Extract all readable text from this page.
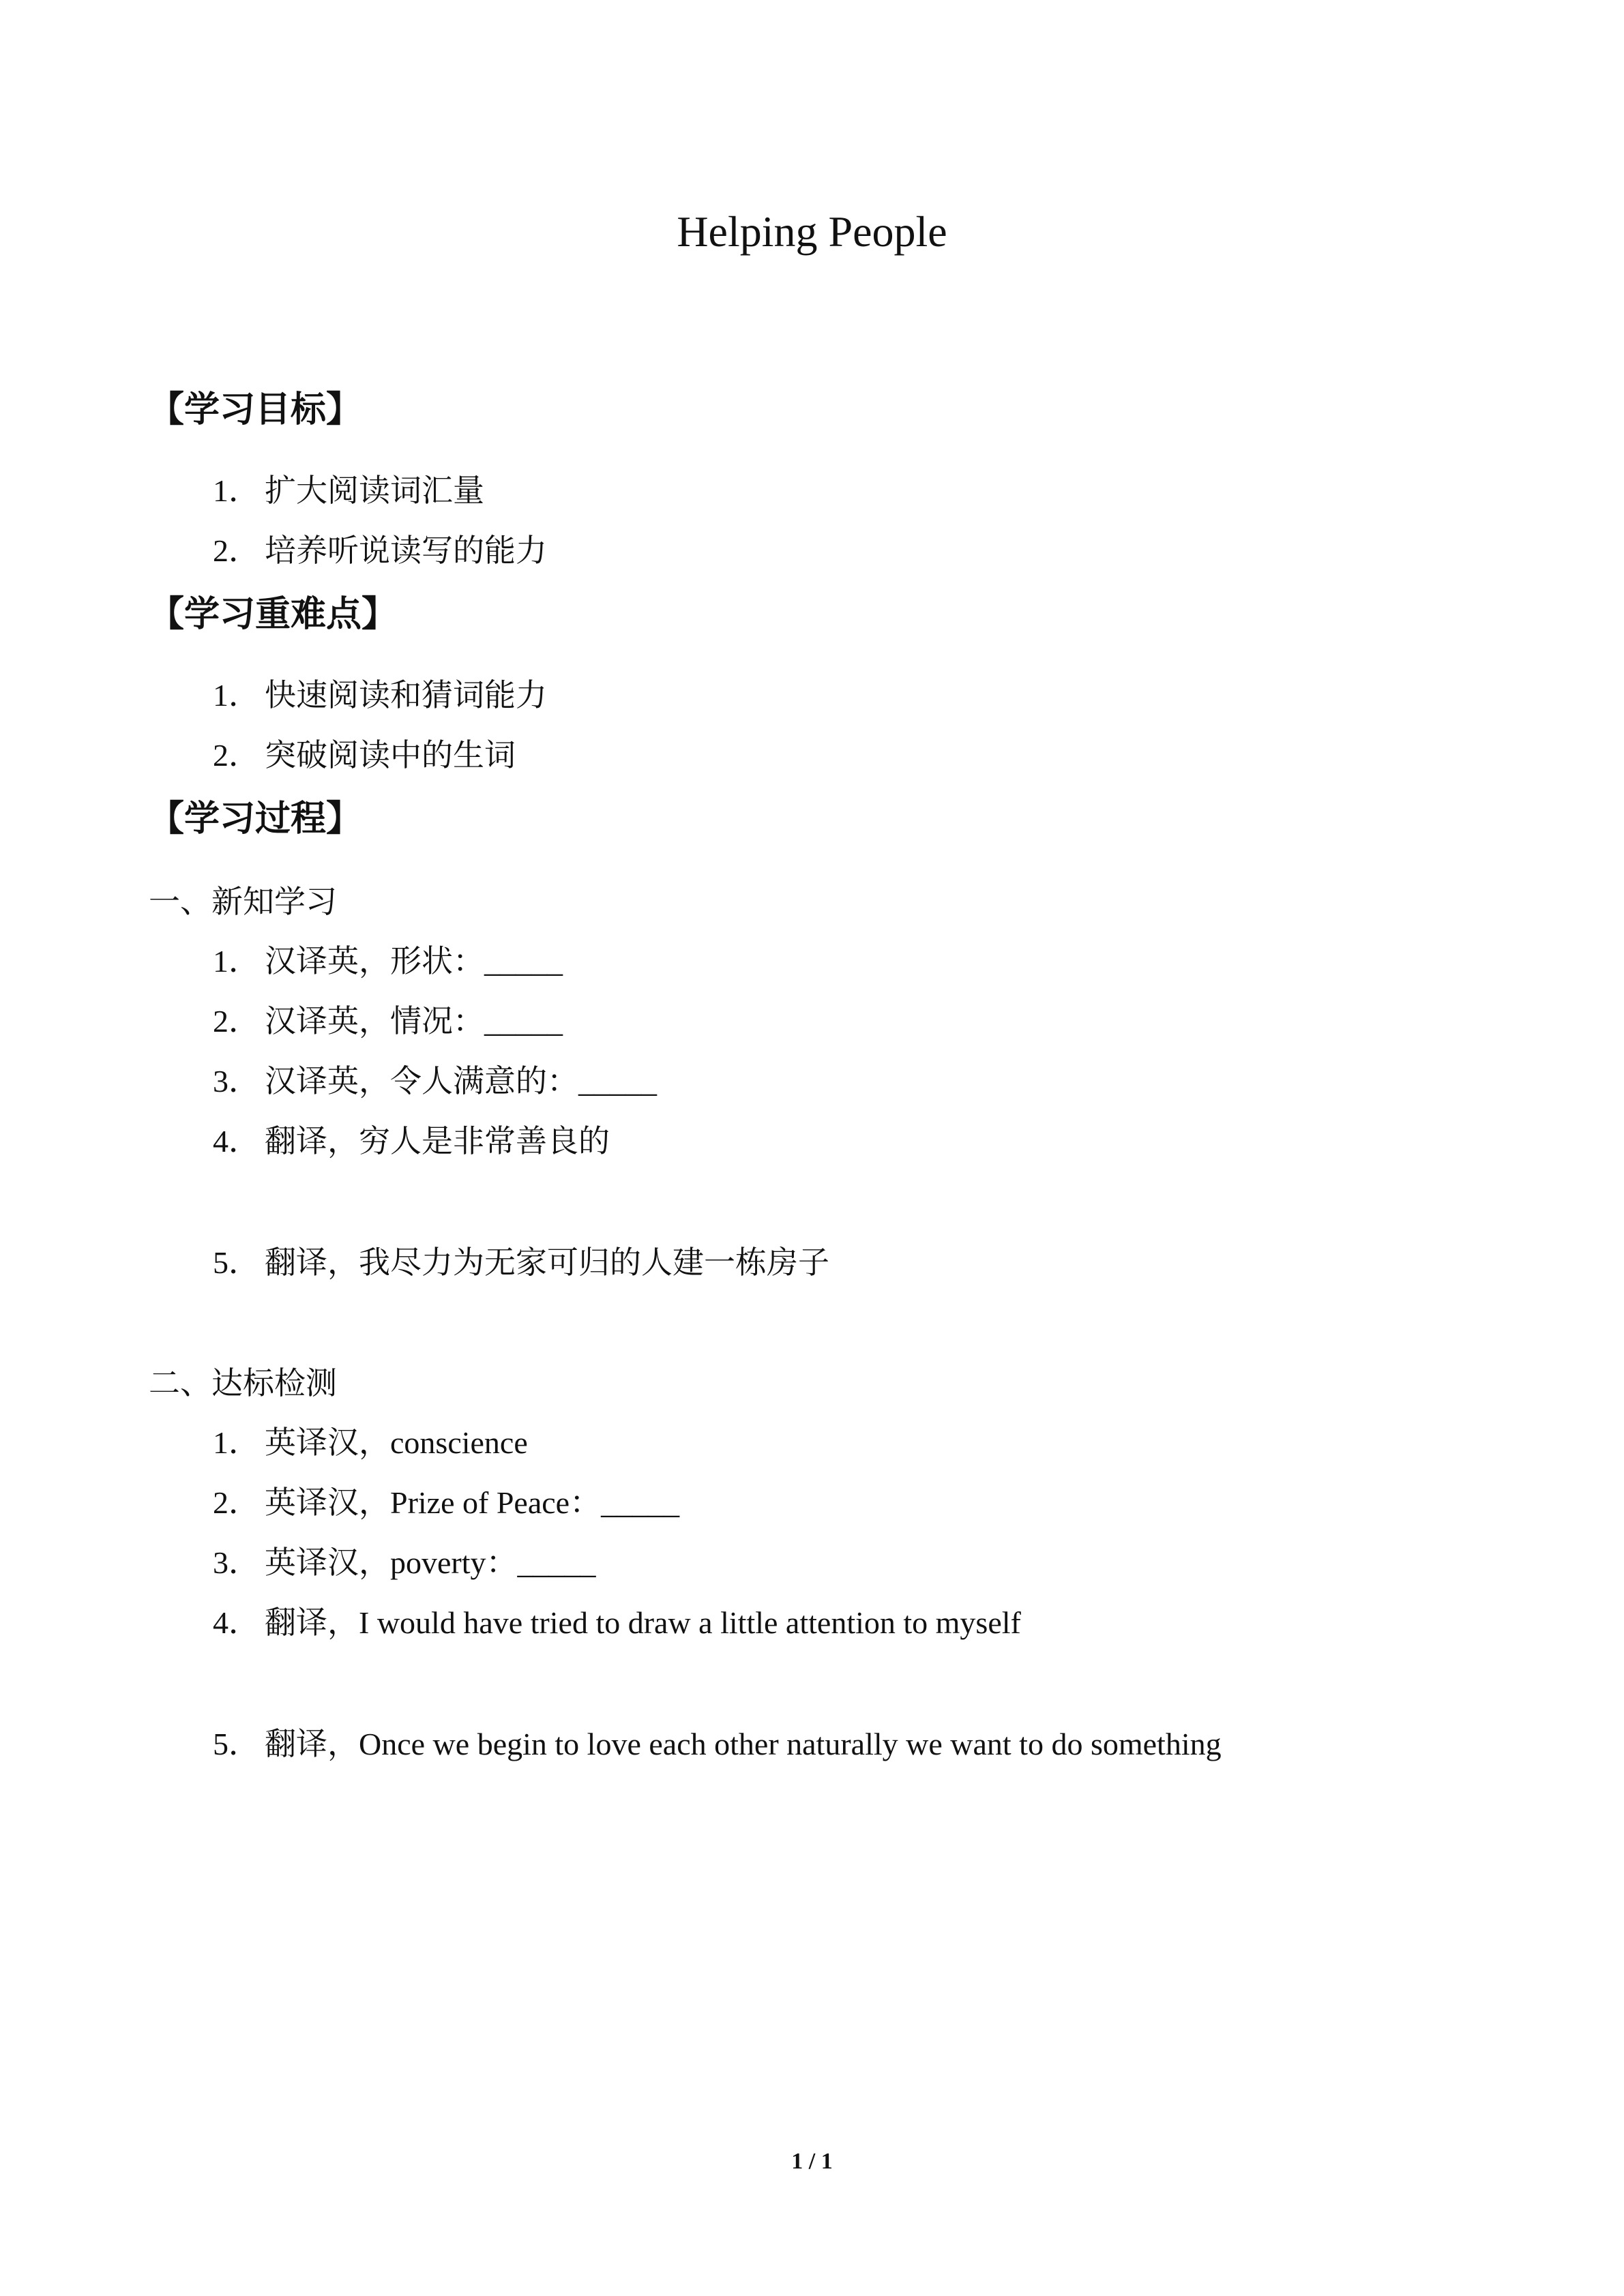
Helping People
【学习目标】
1． 扩大阅读词汇量
2． 培养听说读写的能力
【学习重难点】
1． 快速阅读和猜词能力
2． 突破阅读中的生词
【学习过程】
一、新知学习
1． 汉译英，形状：_____
2． 汉译英，情况：_____
3． 汉译英，令人满意的：_____
4． 翻译，穷人是非常善良的
5． 翻译，我尽力为无家可归的人建一栋房子
二、达标检测
1． 英译汉，conscience
2． 英译汉，Prize of Peace：_____
3． 英译汉，poverty：_____
4． 翻译，I would have tried to draw a little attention to myself
5． 翻译，Once we begin to love each other naturally we want to do something
1 / 1
